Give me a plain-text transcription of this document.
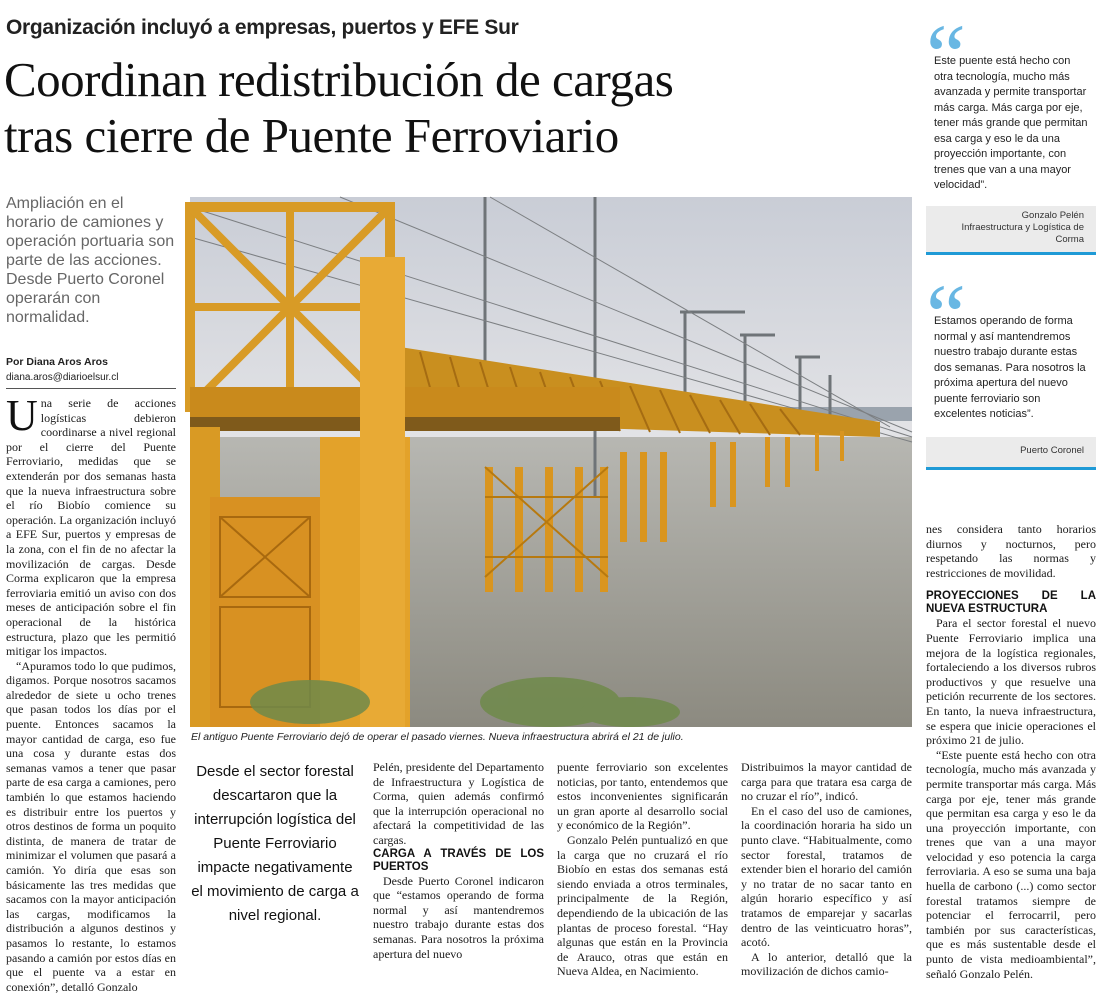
Organización incluyó a empresas, puertos y EFE Sur
Coordinan redistribución de cargas
tras cierre de Puente Ferroviario
Ampliación en el horario de camiones y operación portuaria son parte de las acciones. Desde Puerto Coronel operarán con normalidad.
Por Diana Aros Aros
diana.aros@diarioelsur.cl

Una serie de acciones logísticas debieron coordinarse a nivel regional por el cierre del Puente Ferroviario, medidas que se extenderán por dos semanas hasta que la nueva infraestructura sobre el río Biobío comience su operación. La organización incluyó a EFE Sur, puertos y empresas de la zona, con el fin de no afectar la movilización de cargas. Desde Corma explicaron que la empresa ferroviaria emitió un aviso con dos meses de anticipación sobre el fin operacional de la histórica estructura, plazo que les permitió mitigar los impactos.

“Apuramos todo lo que pudimos, digamos. Porque nosotros sacamos alrededor de siete u ocho trenes que pasan todos los días por el puente. Entonces sacamos la mayor cantidad de carga, eso fue una cosa y durante estas dos semanas vamos a tener que pasar parte de esa carga a camiones, pero también lo que estamos haciendo es distribuir entre los puertos y otros destinos de forma un poquito distinta, de manera de tratar de minimizar el volumen que pasará a camión. Yo diría que esas son básicamente las tres medidas que sacamos con la mayor anticipación las cargas, modificamos la distribución a algunos destinos y pasamos lo restante, lo estamos pasando a camión por estos días en que el puente va a estar en conexión”, detalló Gonzalo

El antiguo Puente Ferroviario dejó de operar el pasado viernes. Nueva infraestructura abrirá el 21 de julio.
Desde el sector forestal descartaron que la interrupción logística del Puente Ferroviario impacte negativamente el movimiento de carga a nivel regional.

Pelén, presidente del Departamento de Infraestructura y Logística de Corma, quien además confirmó que la interrupción operacional no afectará la competitividad de las cargas.

CARGA A TRAVÉS DE LOS PUERTOS

Desde Puerto Coronel indicaron que “estamos operando de forma normal y así mantendremos nuestro trabajo durante estas dos semanas. Para nosotros la próxima apertura del nuevo

puente ferroviario son excelentes noticias, por tanto, entendemos que estos inconvenientes significarán un gran aporte al desarrollo social y económico de la Región”.

Gonzalo Pelén puntualizó en que la carga que no cruzará el río Biobío en estas dos semanas está siendo enviada a otros terminales, principalmente de la Región, dependiendo de la ubicación de las plantas de proceso forestal. “Hay algunas que están en la Provincia de Arauco, otras que están en Nueva Aldea, en Nacimiento.

Distribuimos la mayor cantidad de carga para que tratara esa carga de no cruzar el río”, indicó.

En el caso del uso de camiones, la coordinación horaria ha sido un punto clave. “Habitualmente, como sector forestal, tratamos de extender bien el horario del camión y no tratar de no sacar tanto en algún horario específico y así tratamos de emparejar y sacarlas dentro de las veinticuatro horas”, acotó.

A lo anterior, detalló que la movilización de dichos camio-

“
Este puente está hecho con otra tecnología, mucho más avanzada y permite transportar más carga. Más carga por eje, tener más grande que permitan esa carga y eso le da una proyección importante, con trenes que van a una mayor velocidad”.
Gonzalo Pelén
Infraestructura y Logística de Corma
“
Estamos operando de forma normal y así mantendremos nuestro trabajo durante estas dos semanas. Para nosotros la próxima apertura del nuevo puente ferroviario son excelentes noticias”.
Puerto Coronel

nes considera tanto horarios diurnos y nocturnos, pero respetando las normas y restricciones de movilidad.

PROYECCIONES DE LA NUEVA ESTRUCTURA

Para el sector forestal el nuevo Puente Ferroviario implica una mejora de la logística regionales, fortaleciendo a los diversos rubros productivos y que resuelve una petición recurrente de los sectores. En tanto, la nueva infraestructura, se espera que inicie operaciones el próximo 21 de julio.

“Este puente está hecho con otra tecnología, mucho más avanzada y permite transportar más carga. Más carga por eje, tener más grande que permitan esa carga y eso le da una proyección importante, con trenes que van a una mayor velocidad y eso potencia la carga ferroviaria. A eso se suma una baja huella de carbono (...) como sector forestal tratamos siempre de potenciar el ferrocarril, pero también por sus características, que es más sustentable desde el punto de vista medioambiental”, señaló Gonzalo Pelén.
